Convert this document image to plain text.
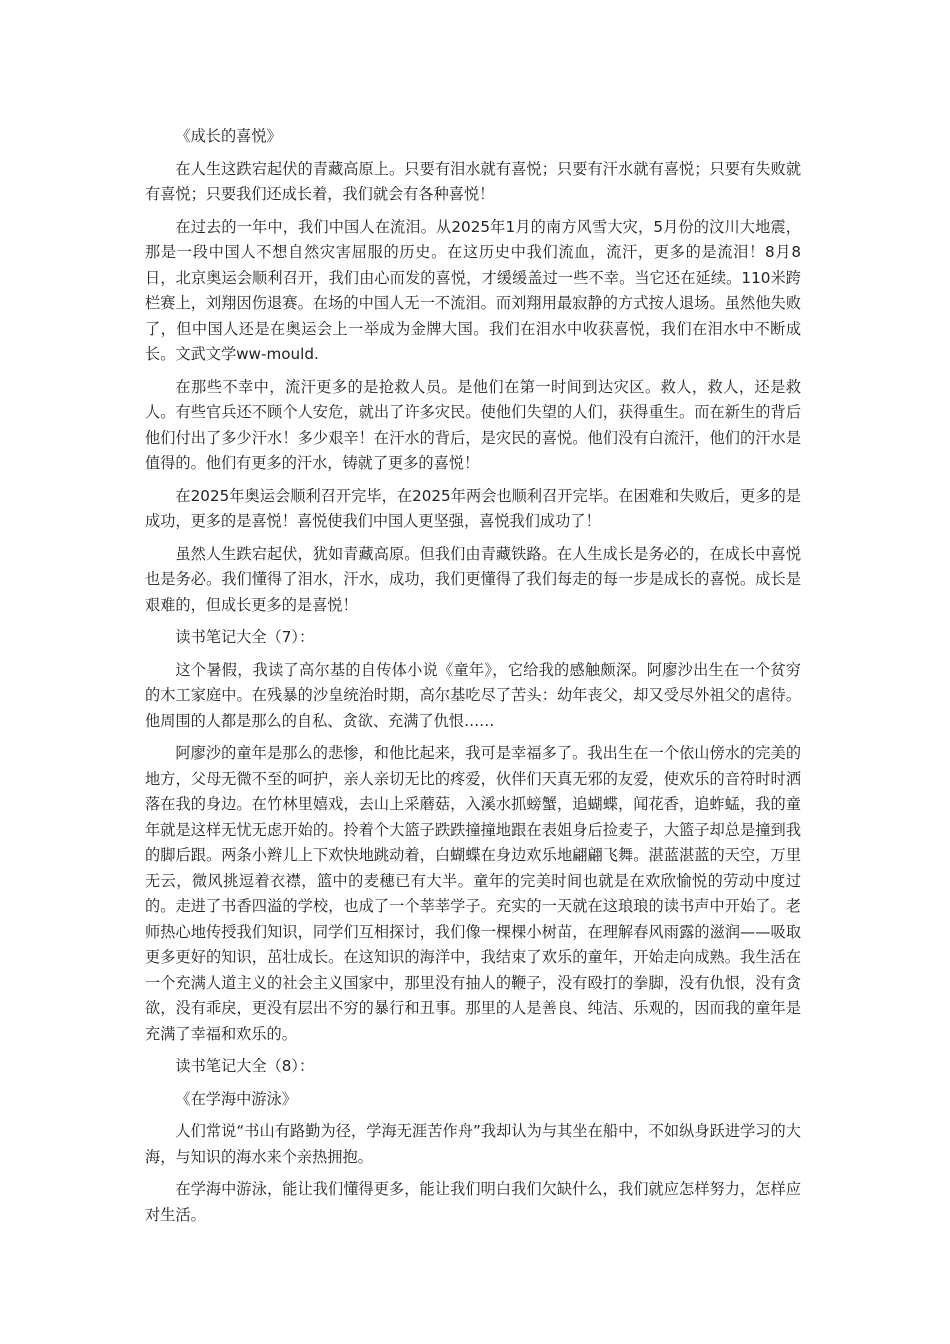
《成长的喜悦》

在人生这跌宕起伏的青藏高原上。只要有泪水就有喜悦；只要有汗水就有喜悦；只要有失败就有喜悦；只要我们还成长着，我们就会有各种喜悦！

在过去的一年中，我们中国人在流泪。从2025年1月的南方风雪大灾，5月份的汶川大地震，那是一段中国人不想自然灾害屈服的历史。在这历史中我们流血，流汗，更多的是流泪！8月8日，北京奥运会顺利召开，我们由心而发的喜悦，才缓缓盖过一些不幸。当它还在延续。110米跨栏赛上，刘翔因伤退赛。在场的中国人无一不流泪。而刘翔用最寂静的方式按人退场。虽然他失败了，但中国人还是在奥运会上一举成为金牌大国。我们在泪水中收获喜悦，我们在泪水中不断成长。文武文学ww-mould.

在那些不幸中，流汗更多的是抢救人员。是他们在第一时间到达灾区。救人，救人，还是救人。有些官兵还不顾个人安危，就出了许多灾民。使他们失望的人们，获得重生。而在新生的背后他们付出了多少汗水！多少艰辛！在汗水的背后，是灾民的喜悦。他们没有白流汗，他们的汗水是值得的。他们有更多的汗水，铸就了更多的喜悦！

在2025年奥运会顺利召开完毕，在2025年两会也顺利召开完毕。在困难和失败后，更多的是成功，更多的是喜悦！喜悦使我们中国人更坚强，喜悦我们成功了！

虽然人生跌宕起伏，犹如青藏高原。但我们由青藏铁路。在人生成长是务必的，在成长中喜悦也是务必。我们懂得了泪水，汗水，成功，我们更懂得了我们每走的每一步是成长的喜悦。成长是艰难的，但成长更多的是喜悦！

读书笔记大全（7）：

这个暑假，我读了高尔基的自传体小说《童年》，它给我的感触颇深。阿廖沙出生在一个贫穷的木工家庭中。在残暴的沙皇统治时期，高尔基吃尽了苦头：幼年丧父，却又受尽外祖父的虐待。他周围的人都是那么的自私、贪欲、充满了仇恨……

阿廖沙的童年是那么的悲惨，和他比起来，我可是幸福多了。我出生在一个依山傍水的完美的地方，父母无微不至的呵护，亲人亲切无比的疼爱，伙伴们天真无邪的友爱，使欢乐的音符时时洒落在我的身边。在竹林里嬉戏，去山上采蘑菇，入溪水抓螃蟹，追蝴蝶，闻花香，追蚱蜢，我的童年就是这样无忧无虑开始的。拎着个大篮子跌跌撞撞地跟在表姐身后捡麦子，大篮子却总是撞到我的脚后跟。两条小辫儿上下欢快地跳动着，白蝴蝶在身边欢乐地翩翩飞舞。湛蓝湛蓝的天空，万里无云，微风挑逗着衣襟，篮中的麦穗已有大半。童年的完美时间也就是在欢欣愉悦的劳动中度过的。走进了书香四溢的学校，也成了一个莘莘学子。充实的一天就在这琅琅的读书声中开始了。老师热心地传授我们知识，同学们互相探讨，我们像一棵棵小树苗，在理解春风雨露的滋润——吸取更多更好的知识，茁壮成长。在这知识的海洋中，我结束了欢乐的童年，开始走向成熟。我生活在一个充满人道主义的社会主义国家中，那里没有抽人的鞭子，没有殴打的拳脚，没有仇恨，没有贪欲，没有乖戾，更没有层出不穷的暴行和丑事。那里的人是善良、纯洁、乐观的，因而我的童年是充满了幸福和欢乐的。

读书笔记大全（8）：

《在学海中游泳》

人们常说“书山有路勤为径，学海无涯苦作舟”我却认为与其坐在船中，不如纵身跃进学习的大海，与知识的海水来个亲热拥抱。

在学海中游泳，能让我们懂得更多，能让我们明白我们欠缺什么，我们就应怎样努力，怎样应对生活。
